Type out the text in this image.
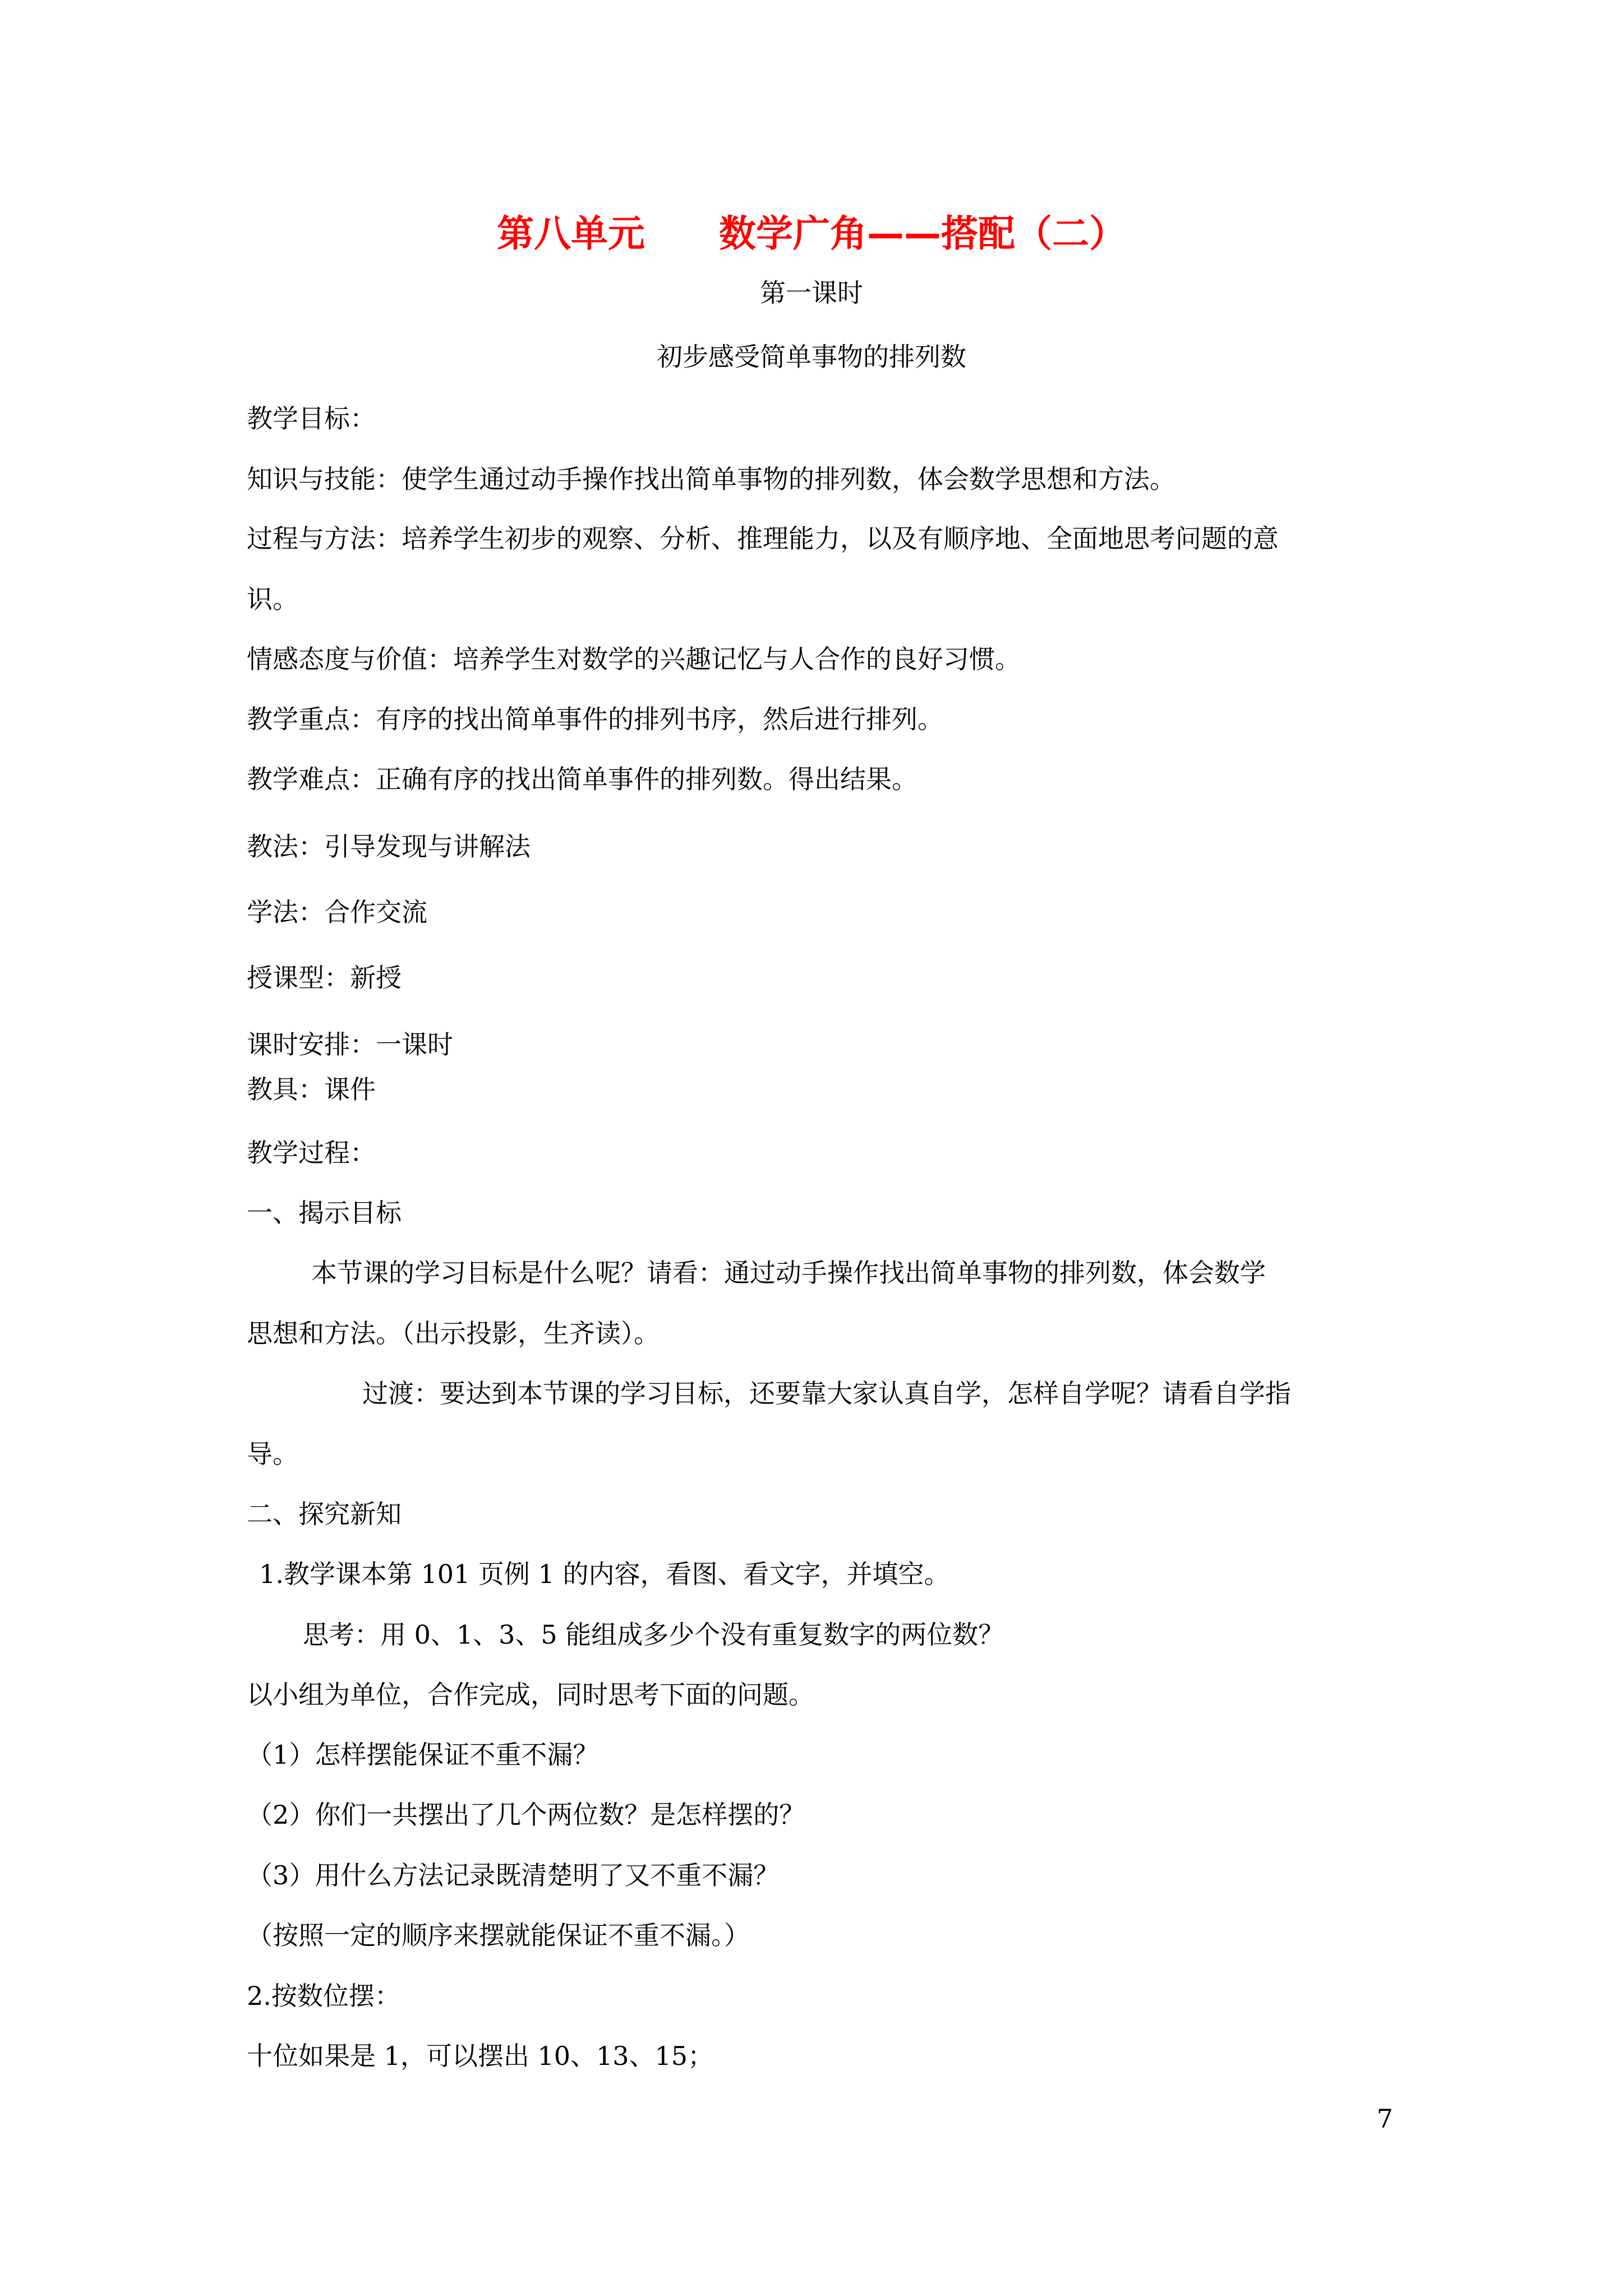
第八单元　　数学广角——搭配（二）
第一课时
初步感受简单事物的排列数
教学目标：
知识与技能：使学生通过动手操作找出简单事物的排列数，体会数学思想和方法。
过程与方法：培养学生初步的观察、分析、推理能力，以及有顺序地、全面地思考问题的意
识。
情感态度与价值：培养学生对数学的兴趣记忆与人合作的良好习惯。
教学重点：有序的找出简单事件的排列书序，然后进行排列。
教学难点：正确有序的找出简单事件的排列数。得出结果。
教法：引导发现与讲解法
学法：合作交流
授课型：新授
课时安排：一课时
教具：课件
教学过程：
一、揭示目标
本节课的学习目标是什么呢？请看：通过动手操作找出简单事物的排列数，体会数学
思想和方法。（出示投影，生齐读）。
过渡：要达到本节课的学习目标，还要靠大家认真自学，怎样自学呢？请看自学指
导。
二、探究新知
1.教学课本第 101 页例 1 的内容，看图、看文字，并填空。
思考：用 0、1、3、5 能组成多少个没有重复数字的两位数？
以小组为单位，合作完成，同时思考下面的问题。
（1）怎样摆能保证不重不漏？
（2）你们一共摆出了几个两位数？是怎样摆的？
（3）用什么方法记录既清楚明了又不重不漏？
（按照一定的顺序来摆就能保证不重不漏。）
2.按数位摆：
十位如果是 1，可以摆出 10、13、15；
7
